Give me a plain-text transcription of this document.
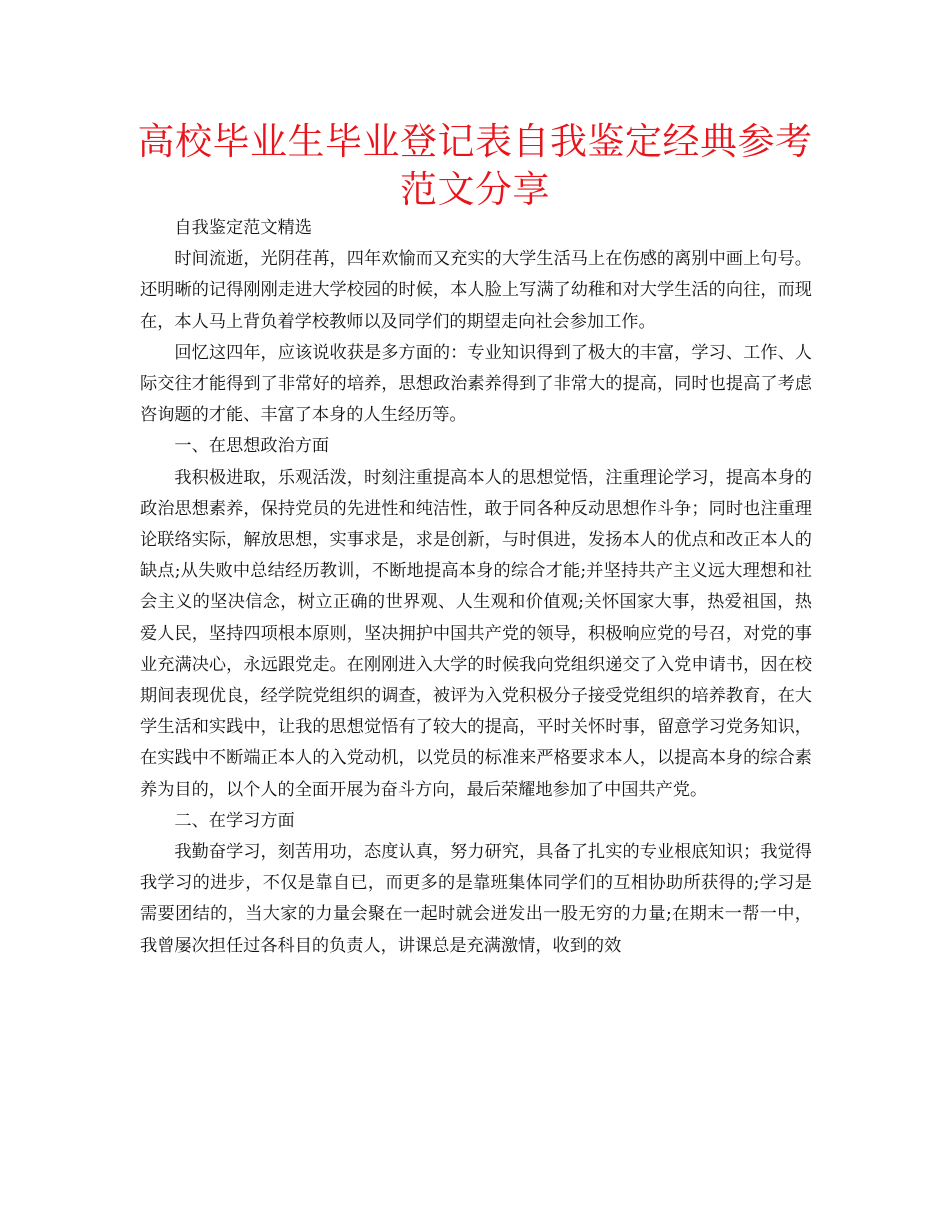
高校毕业生毕业登记表自我鉴定经典参考范文分享

自我鉴定范文精选

时间流逝，光阴荏苒，四年欢愉而又充实的大学生活马上在伤感的离别中画上句号。还明晰的记得刚刚走进大学校园的时候，本人脸上写满了幼稚和对大学生活的向往，而现在，本人马上背负着学校教师以及同学们的期望走向社会参加工作。

回忆这四年，应该说收获是多方面的：专业知识得到了极大的丰富，学习、工作、人际交往才能得到了非常好的培养，思想政治素养得到了非常大的提高，同时也提高了考虑咨询题的才能、丰富了本身的人生经历等。

一、在思想政治方面

我积极进取，乐观活泼，时刻注重提高本人的思想觉悟，注重理论学习，提高本身的政治思想素养，保持党员的先进性和纯洁性，敢于同各种反动思想作斗争；同时也注重理论联络实际，解放思想，实事求是，求是创新，与时俱进，发扬本人的优点和改正本人的缺点;从失败中总结经历教训，不断地提高本身的综合才能;并坚持共产主义远大理想和社会主义的坚决信念，树立正确的世界观、人生观和价值观;关怀国家大事，热爱祖国，热爱人民，坚持四项根本原则，坚决拥护中国共产党的领导，积极响应党的号召，对党的事业充满决心，永远跟党走。在刚刚进入大学的时候我向党组织递交了入党申请书，因在校期间表现优良，经学院党组织的调查，被评为入党积极分子接受党组织的培养教育，在大学生活和实践中，让我的思想觉悟有了较大的提高，平时关怀时事，留意学习党务知识，在实践中不断端正本人的入党动机，以党员的标准来严格要求本人，以提高本身的综合素养为目的，以个人的全面开展为奋斗方向，最后荣耀地参加了中国共产党。

二、在学习方面

我勤奋学习，刻苦用功，态度认真，努力研究，具备了扎实的专业根底知识；我觉得我学习的进步，不仅是靠自已，而更多的是靠班集体同学们的互相协助所获得的;学习是需要团结的，当大家的力量会聚在一起时就会迸发出一股无穷的力量;在期末一帮一中，我曾屡次担任过各科目的负责人，讲课总是充满激情，收到的效
